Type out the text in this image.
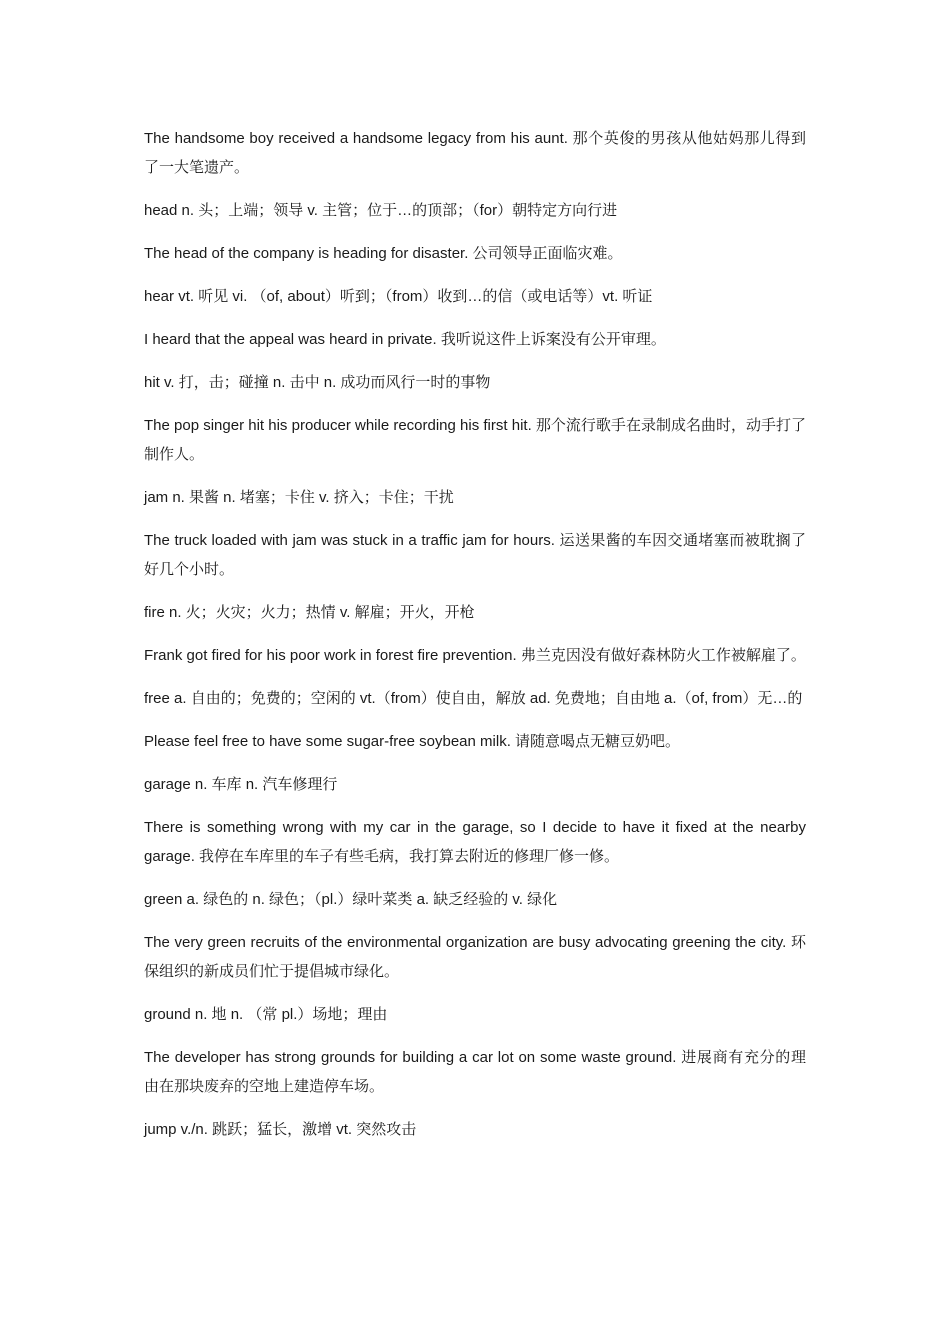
The handsome boy received a handsome legacy from his aunt. 那个英俊的男孩从他姑妈那儿得到了一大笔遗产。

head n. 头；上端；领导 v. 主管；位于…的顶部；（for）朝特定方向行进

The head of the company is heading for disaster. 公司领导正面临灾难。

hear vt. 听见 vi. （of, about）听到；（from）收到…的信（或电话等）vt. 听证

I heard that the appeal was heard in private. 我听说这件上诉案没有公开审理。

hit v. 打，击；碰撞 n. 击中 n. 成功而风行一时的事物

The pop singer hit his producer while recording his first hit. 那个流行歌手在录制成名曲时，动手打了制作人。

jam n. 果酱 n. 堵塞；卡住 v. 挤入；卡住；干扰

The truck loaded with jam was stuck in a traffic jam for hours. 运送果酱的车因交通堵塞而被耽搁了好几个小时。

fire n. 火；火灾；火力；热情 v. 解雇；开火，开枪

Frank got fired for his poor work in forest fire prevention. 弗兰克因没有做好森林防火工作被解雇了。

free a. 自由的；免费的；空闲的 vt.（from）使自由，解放 ad. 免费地；自由地 a.（of, from）无…的

Please feel free to have some sugar-free soybean milk. 请随意喝点无糖豆奶吧。

garage n. 车库 n. 汽车修理行

There is something wrong with my car in the garage, so I decide to have it fixed at the nearby garage. 我停在车库里的车子有些毛病，我打算去附近的修理厂修一修。

green a. 绿色的 n. 绿色；（pl.）绿叶菜类 a. 缺乏经验的 v. 绿化

The very green recruits of the environmental organization are busy advocating greening the city. 环保组织的新成员们忙于提倡城市绿化。

ground n. 地 n. （常 pl.）场地；理由

The developer has strong grounds for building a car lot on some waste ground. 进展商有充分的理由在那块废弃的空地上建造停车场。

jump v./n. 跳跃；猛长，激增 vt. 突然攻击
